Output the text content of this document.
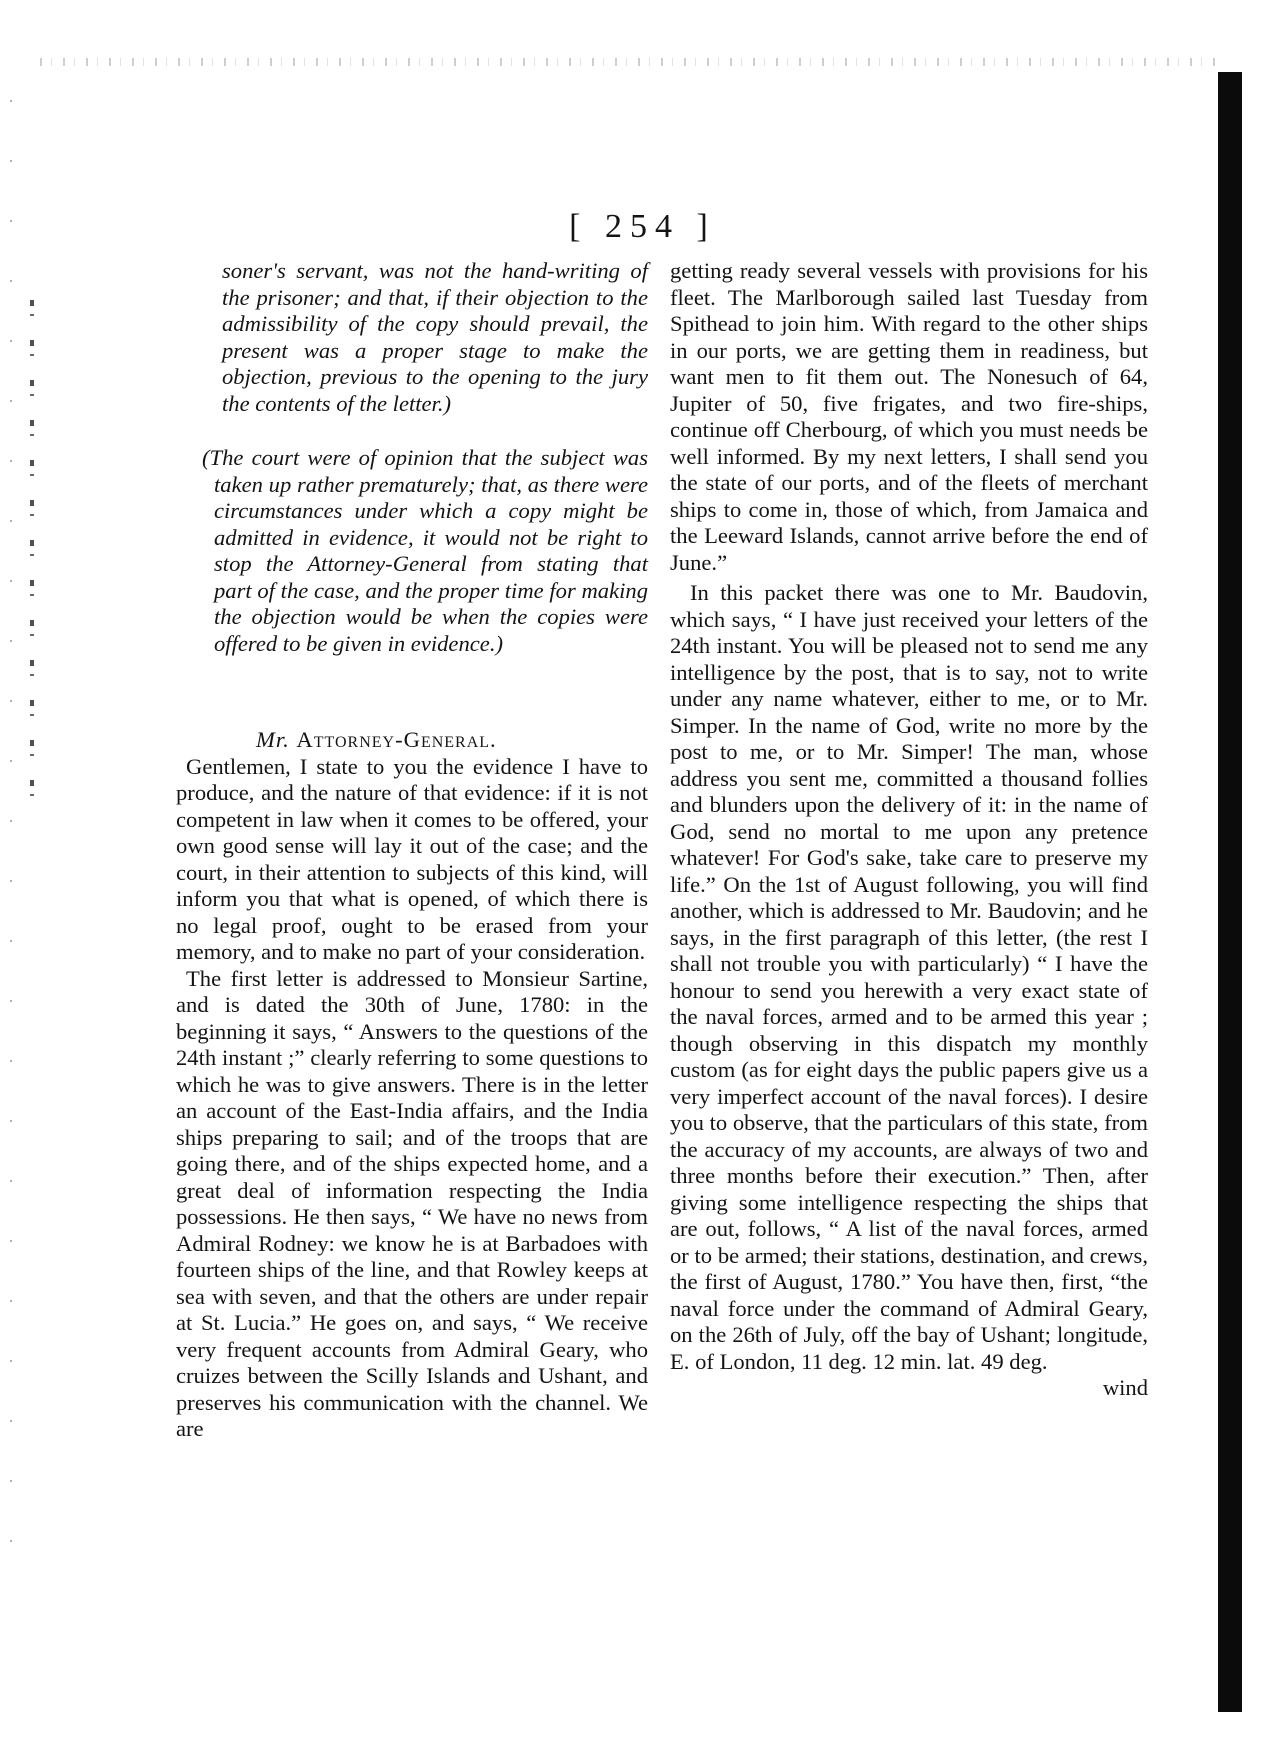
[ 254 ]
soner's servant, was not the hand-writing of the prisoner; and that, if their objection to the admissibility of the copy should prevail, the present was a proper stage to make the objection, previous to the opening to the jury the contents of the letter.)
(The court were of opinion that the subject was taken up rather prematurely; that, as there were circumstances under which a copy might be admitted in evidence, it would not be right to stop the Attorney-General from stating that part of the case, and the proper time for making the objection would be when the copies were offered to be given in evidence.)
Mr. Attorney-General.

Gentlemen, I state to you the evidence I have to produce, and the nature of that evidence: if it is not competent in law when it comes to be offered, your own good sense will lay it out of the case; and the court, in their attention to subjects of this kind, will inform you that what is opened, of which there is no legal proof, ought to be erased from your memory, and to make no part of your consideration.

The first letter is addressed to Monsieur Sartine, and is dated the 30th of June, 1780: in the beginning it says, “ Answers to the questions of the 24th instant ;” clearly referring to some questions to which he was to give answers. There is in the letter an account of the East-India affairs, and the India ships preparing to sail; and of the troops that are going there, and of the ships expected home, and a great deal of information respecting the India possessions. He then says, “ We have no news from Admiral Rodney: we know he is at Barbadoes with fourteen ships of the line, and that Rowley keeps at sea with seven, and that the others are under repair at St. Lucia.” He goes on, and says, “ We receive very frequent accounts from Admiral Geary, who cruizes between the Scilly Islands and Ushant, and preserves his communication with the channel. We are

getting ready several vessels with provisions for his fleet. The Marlborough sailed last Tuesday from Spithead to join him. With regard to the other ships in our ports, we are getting them in readiness, but want men to fit them out. The Nonesuch of 64, Jupiter of 50, five frigates, and two fire-ships, continue off Cherbourg, of which you must needs be well informed. By my next letters, I shall send you the state of our ports, and of the fleets of merchant ships to come in, those of which, from Jamaica and the Leeward Islands, cannot arrive before the end of June.”

In this packet there was one to Mr. Baudovin, which says, “ I have just received your letters of the 24th instant. You will be pleased not to send me any intelligence by the post, that is to say, not to write under any name whatever, either to me, or to Mr. Simper. In the name of God, write no more by the post to me, or to Mr. Simper! The man, whose address you sent me, committed a thousand follies and blunders upon the delivery of it: in the name of God, send no mortal to me upon any pretence whatever! For God's sake, take care to preserve my life.” On the 1st of August following, you will find another, which is addressed to Mr. Baudovin; and he says, in the first paragraph of this letter, (the rest I shall not trouble you with particularly) “ I have the honour to send you herewith a very exact state of the naval forces, armed and to be armed this year ; though observing in this dispatch my monthly custom (as for eight days the public papers give us a very imperfect account of the naval forces). I desire you to observe, that the particulars of this state, from the accuracy of my accounts, are always of two and three months before their execution.” Then, after giving some intelligence respecting the ships that are out, follows, “ A list of the naval forces, armed or to be armed; their stations, destination, and crews, the first of August, 1780.” You have then, first, “the naval force under the command of Admiral Geary, on the 26th of July, off the bay of Ushant; longitude, E. of London, 11 deg. 12 min. lat. 49 deg.

wind
